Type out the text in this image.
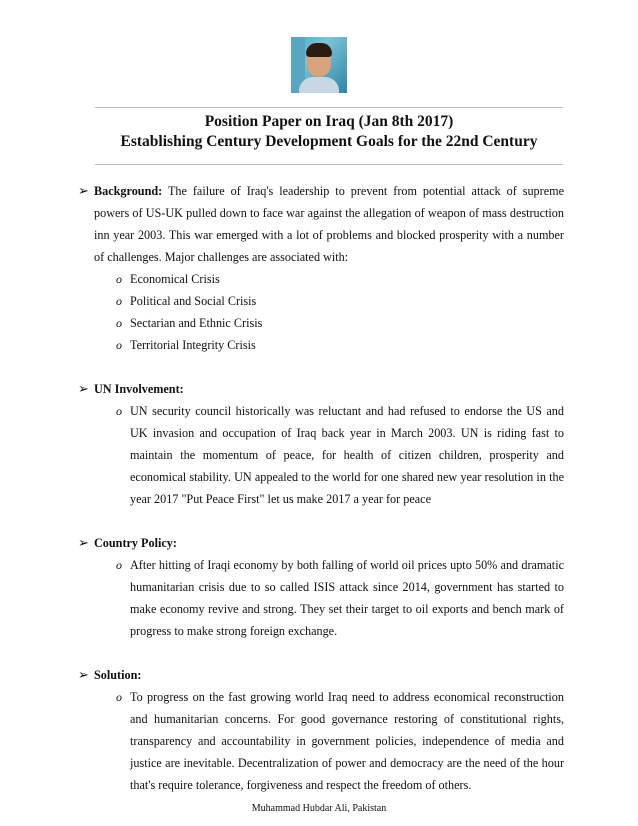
Position Paper on Iraq (Jan 8th 2017)
Establishing Century Development Goals for the 22nd Century
➢ Background: The failure of Iraq's leadership to prevent from potential attack of supreme powers of US-UK pulled down to face war against the allegation of weapon of mass destruction inn year 2003. This war emerged with a lot of problems and blocked prosperity with a number of challenges. Major challenges are associated with:
o Economical Crisis
o Political and Social Crisis
o Sectarian and Ethnic Crisis
o Territorial Integrity Crisis
➢ UN Involvement:
o UN security council historically was reluctant and had refused to endorse the US and UK invasion and occupation of Iraq back year in March 2003. UN is riding fast to maintain the momentum of peace, for health of citizen children, prosperity and economical stability. UN appealed to the world for one shared new year resolution in the year 2017 "Put Peace First" let us make 2017 a year for peace
➢ Country Policy:
o After hitting of Iraqi economy by both falling of world oil prices upto 50% and dramatic humanitarian crisis due to so called ISIS attack since 2014, government has started to make economy revive and strong. They set their target to oil exports and bench mark of progress to make strong foreign exchange.
➢ Solution:
o To progress on the fast growing world Iraq need to address economical reconstruction and humanitarian concerns. For good governance restoring of constitutional rights, transparency and accountability in government policies, independence of media and justice are inevitable. Decentralization of power and democracy are the need of the hour that's require tolerance, forgiveness and respect the freedom of others.
Muhammad Hubdar Ali, Pakistan
